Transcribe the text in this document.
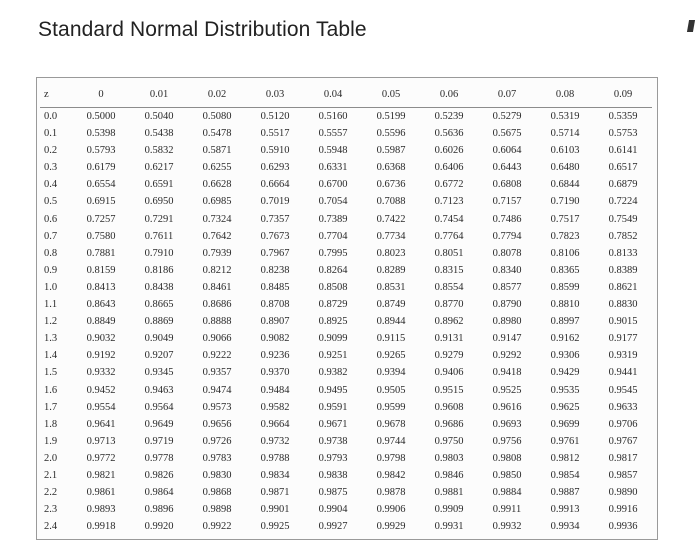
Standard Normal Distribution Table
z	0	0.01	0.02	0.03	0.04	0.05	0.06	0.07	0.08	0.09
0.0	0.5000	0.5040	0.5080	0.5120	0.5160	0.5199	0.5239	0.5279	0.5319	0.5359
0.1	0.5398	0.5438	0.5478	0.5517	0.5557	0.5596	0.5636	0.5675	0.5714	0.5753
0.2	0.5793	0.5832	0.5871	0.5910	0.5948	0.5987	0.6026	0.6064	0.6103	0.6141
0.3	0.6179	0.6217	0.6255	0.6293	0.6331	0.6368	0.6406	0.6443	0.6480	0.6517
0.4	0.6554	0.6591	0.6628	0.6664	0.6700	0.6736	0.6772	0.6808	0.6844	0.6879
0.5	0.6915	0.6950	0.6985	0.7019	0.7054	0.7088	0.7123	0.7157	0.7190	0.7224
0.6	0.7257	0.7291	0.7324	0.7357	0.7389	0.7422	0.7454	0.7486	0.7517	0.7549
0.7	0.7580	0.7611	0.7642	0.7673	0.7704	0.7734	0.7764	0.7794	0.7823	0.7852
0.8	0.7881	0.7910	0.7939	0.7967	0.7995	0.8023	0.8051	0.8078	0.8106	0.8133
0.9	0.8159	0.8186	0.8212	0.8238	0.8264	0.8289	0.8315	0.8340	0.8365	0.8389
1.0	0.8413	0.8438	0.8461	0.8485	0.8508	0.8531	0.8554	0.8577	0.8599	0.8621
1.1	0.8643	0.8665	0.8686	0.8708	0.8729	0.8749	0.8770	0.8790	0.8810	0.8830
1.2	0.8849	0.8869	0.8888	0.8907	0.8925	0.8944	0.8962	0.8980	0.8997	0.9015
1.3	0.9032	0.9049	0.9066	0.9082	0.9099	0.9115	0.9131	0.9147	0.9162	0.9177
1.4	0.9192	0.9207	0.9222	0.9236	0.9251	0.9265	0.9279	0.9292	0.9306	0.9319
1.5	0.9332	0.9345	0.9357	0.9370	0.9382	0.9394	0.9406	0.9418	0.9429	0.9441
1.6	0.9452	0.9463	0.9474	0.9484	0.9495	0.9505	0.9515	0.9525	0.9535	0.9545
1.7	0.9554	0.9564	0.9573	0.9582	0.9591	0.9599	0.9608	0.9616	0.9625	0.9633
1.8	0.9641	0.9649	0.9656	0.9664	0.9671	0.9678	0.9686	0.9693	0.9699	0.9706
1.9	0.9713	0.9719	0.9726	0.9732	0.9738	0.9744	0.9750	0.9756	0.9761	0.9767
2.0	0.9772	0.9778	0.9783	0.9788	0.9793	0.9798	0.9803	0.9808	0.9812	0.9817
2.1	0.9821	0.9826	0.9830	0.9834	0.9838	0.9842	0.9846	0.9850	0.9854	0.9857
2.2	0.9861	0.9864	0.9868	0.9871	0.9875	0.9878	0.9881	0.9884	0.9887	0.9890
2.3	0.9893	0.9896	0.9898	0.9901	0.9904	0.9906	0.9909	0.9911	0.9913	0.9916
2.4	0.9918	0.9920	0.9922	0.9925	0.9927	0.9929	0.9931	0.9932	0.9934	0.9936
